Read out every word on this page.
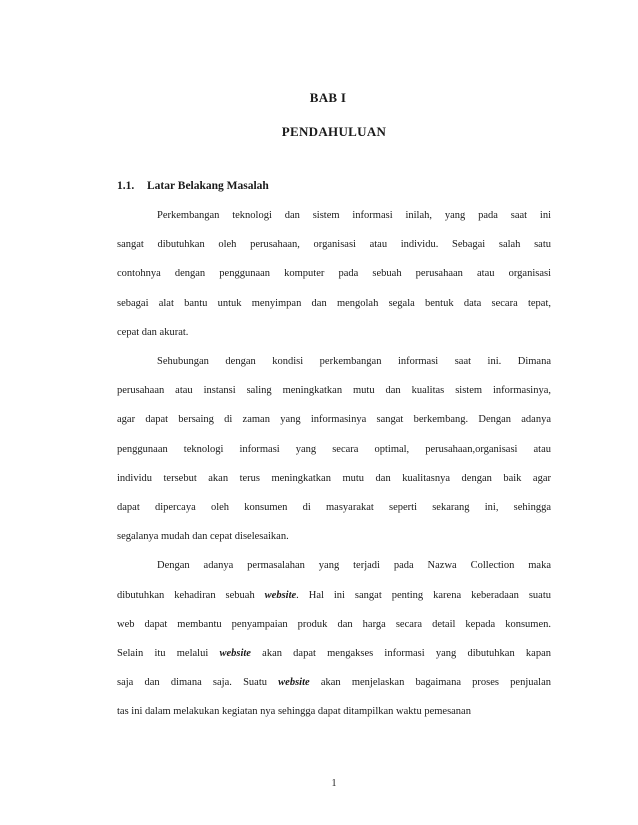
BAB I
PENDAHULUAN
1.1. Latar Belakang Masalah
Perkembangan teknologi dan sistem informasi inilah, yang pada saat ini
sangat dibutuhkan oleh perusahaan, organisasi atau individu. Sebagai salah satu
contohnya dengan penggunaan komputer pada sebuah perusahaan atau organisasi
sebagai alat bantu untuk menyimpan dan mengolah segala bentuk data secara tepat,
cepat dan akurat.
Sehubungan dengan kondisi perkembangan informasi saat ini. Dimana
perusahaan atau instansi saling meningkatkan mutu dan kualitas sistem informasinya,
agar dapat bersaing di zaman yang informasinya sangat berkembang. Dengan adanya
penggunaan teknologi informasi yang secara optimal, perusahaan,organisasi atau
individu tersebut akan terus meningkatkan mutu dan kualitasnya dengan baik agar
dapat dipercaya oleh konsumen di masyarakat seperti sekarang ini, sehingga
segalanya mudah dan cepat diselesaikan.
Dengan adanya permasalahan yang terjadi pada Nazwa Collection maka
dibutuhkan kehadiran sebuah website. Hal ini sangat penting karena keberadaan suatu
web dapat membantu penyampaian produk dan harga secara detail kepada konsumen.
Selain itu melalui website akan dapat mengakses informasi yang dibutuhkan kapan
saja dan dimana saja. Suatu website akan menjelaskan bagaimana proses penjualan
tas ini dalam melakukan kegiatan nya sehingga dapat ditampilkan waktu pemesanan
1
